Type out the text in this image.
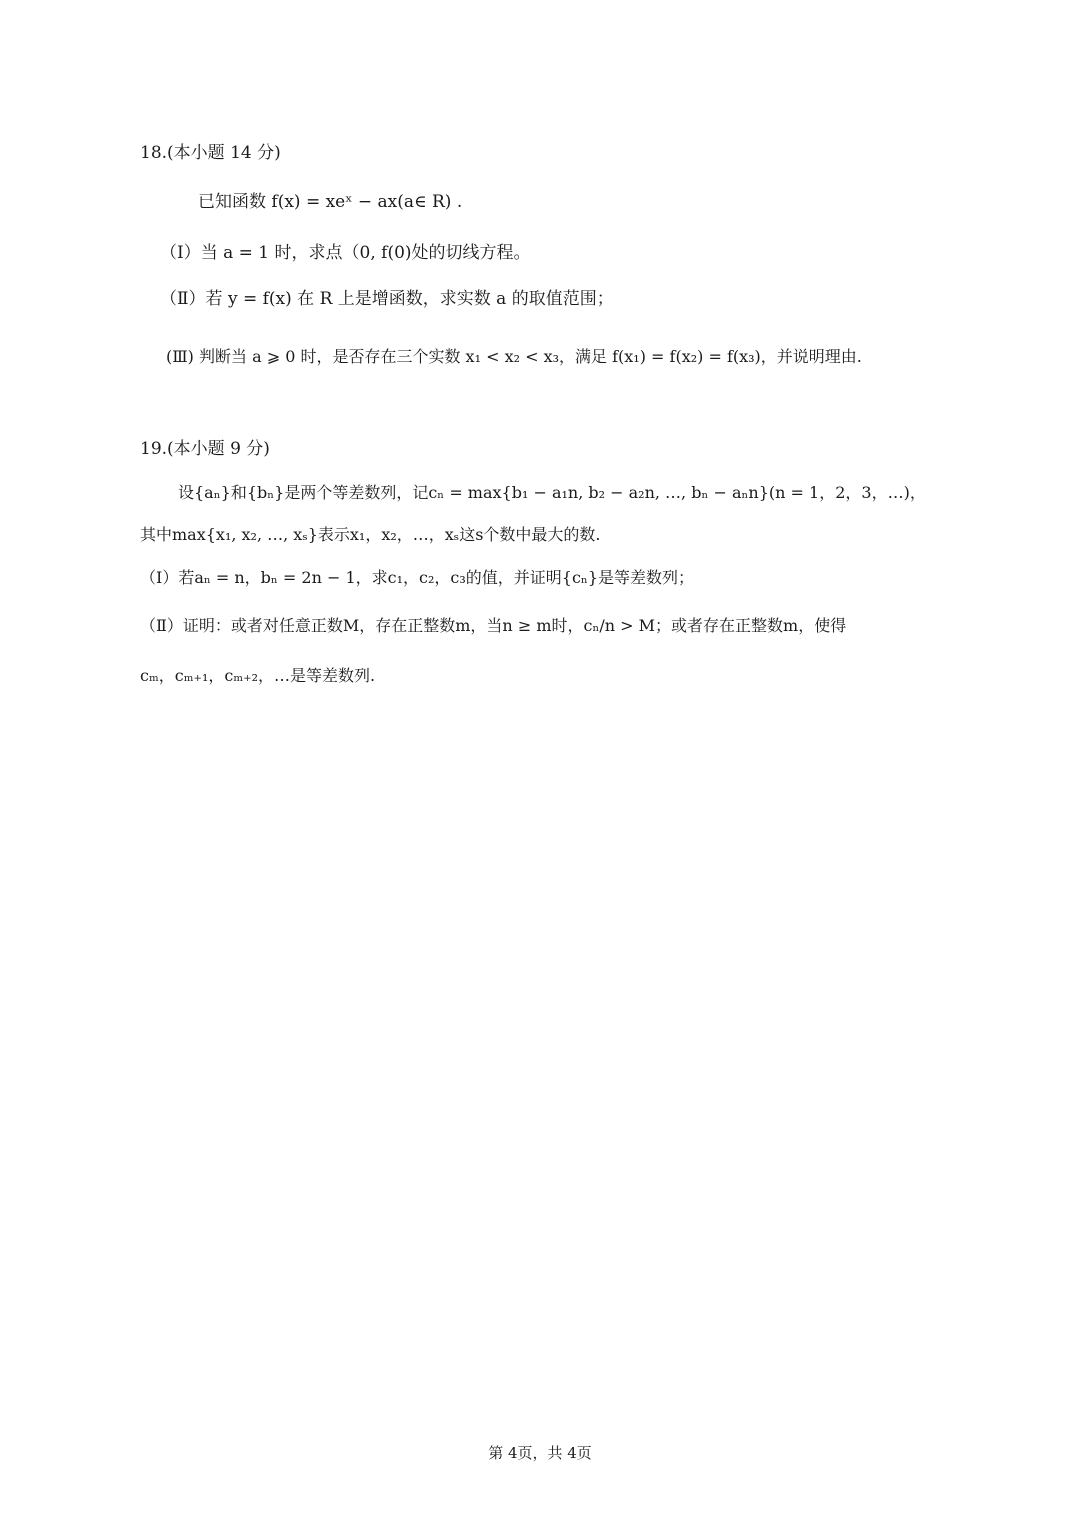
18.(本小题 14 分)
已知函数 f(x) = xeˣ − ax(a∈ R) .
（Ⅰ）当 a = 1 时，求点（0, f(0)处的切线方程。
（Ⅱ）若 y = f(x) 在 R 上是增函数，求实数 a 的取值范围；
(Ⅲ) 判断当 a ⩾ 0 时，是否存在三个实数 x₁ < x₂ < x₃，满足 f(x₁) = f(x₂) = f(x₃)，并说明理由.
19.(本小题 9 分)
设{aₙ}和{bₙ}是两个等差数列，记cₙ = max{b₁ − a₁n, b₂ − a₂n, …, bₙ − aₙn}(n = 1，2，3，…)，
其中max{x₁, x₂, …, xₛ}表示x₁，x₂，…，xₛ这s个数中最大的数.
（Ⅰ）若aₙ = n，bₙ = 2n − 1，求c₁，c₂，c₃的值，并证明{cₙ}是等差数列；
（Ⅱ）证明：或者对任意正数M，存在正整数m，当n ≥ m时，cₙ/n > M；或者存在正整数m，使得
cₘ，cₘ₊₁，cₘ₊₂，…是等差数列.
第 4页，共 4页
